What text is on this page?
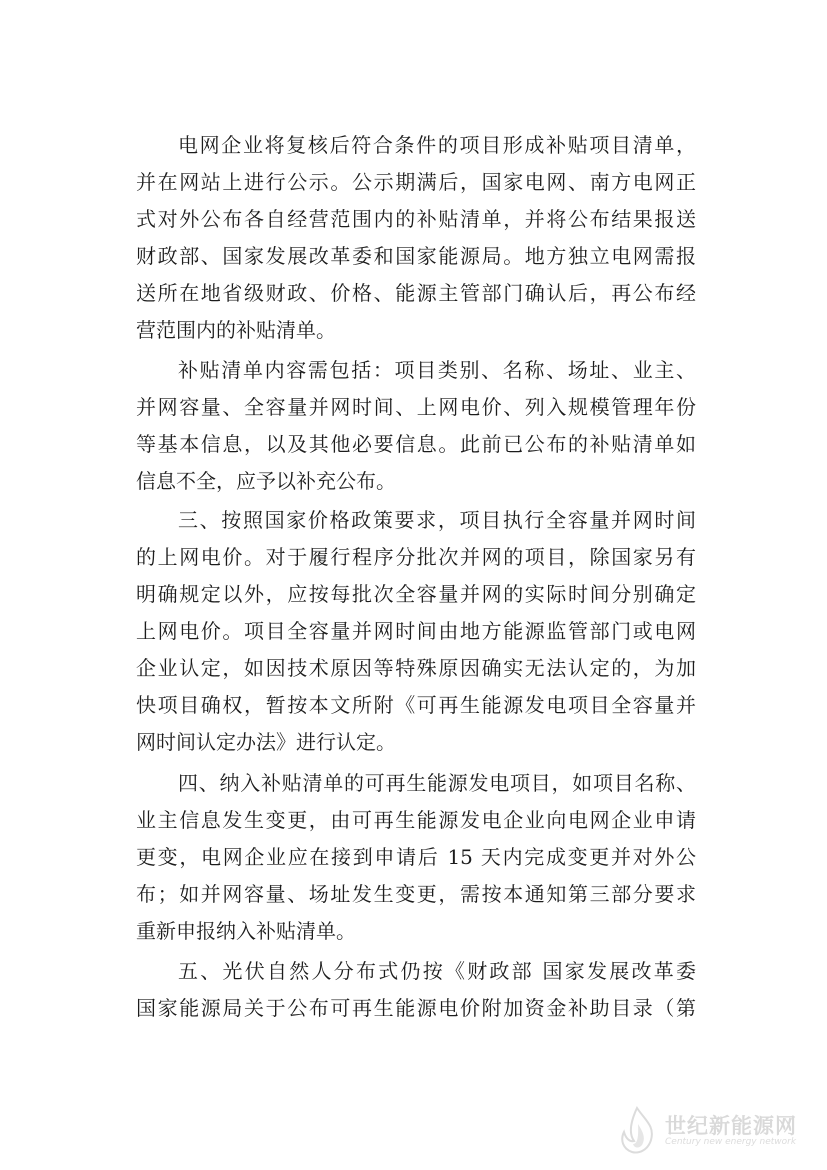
电网企业将复核后符合条件的项目形成补贴项目清单，
并在网站上进行公示。公示期满后，国家电网、南方电网正
式对外公布各自经营范围内的补贴清单，并将公布结果报送
财政部、国家发展改革委和国家能源局。地方独立电网需报
送所在地省级财政、价格、能源主管部门确认后，再公布经
营范围内的补贴清单。
补贴清单内容需包括：项目类别、名称、场址、业主、
并网容量、全容量并网时间、上网电价、列入规模管理年份
等基本信息，以及其他必要信息。此前已公布的补贴清单如
信息不全，应予以补充公布。
三、按照国家价格政策要求，项目执行全容量并网时间
的上网电价。对于履行程序分批次并网的项目，除国家另有
明确规定以外，应按每批次全容量并网的实际时间分别确定
上网电价。项目全容量并网时间由地方能源监管部门或电网
企业认定，如因技术原因等特殊原因确实无法认定的，为加
快项目确权，暂按本文所附《可再生能源发电项目全容量并
网时间认定办法》进行认定。
四、纳入补贴清单的可再生能源发电项目，如项目名称、
业主信息发生变更，由可再生能源发电企业向电网企业申请
更变，电网企业应在接到申请后 15 天内完成变更并对外公
布；如并网容量、场址发生变更，需按本通知第三部分要求
重新申报纳入补贴清单。
五、光伏自然人分布式仍按《财政部 国家发展改革委
国家能源局关于公布可再生能源电价附加资金补助目录（第
世纪新能源网
Century new energy network
